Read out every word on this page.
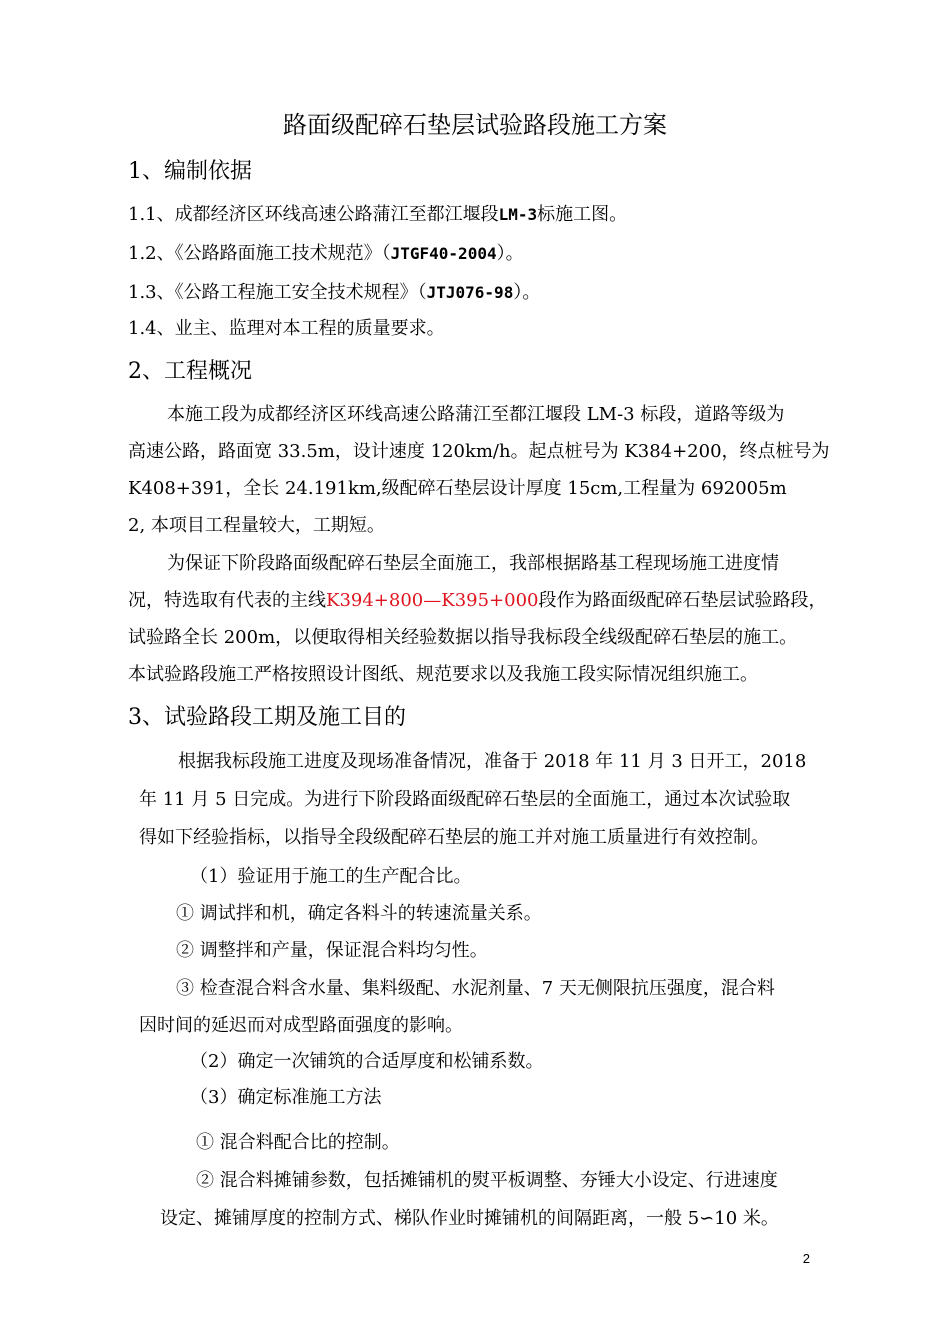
路面级配碎石垫层试验路段施工方案
1、编制依据
1.1、成都经济区环线高速公路蒲江至都江堰段LM-3标施工图。
1.2、《公路路面施工技术规范》（JTGF40-2004）。
1.3、《公路工程施工安全技术规程》（JTJ076-98）。
1.4、业主、监理对本工程的质量要求。
2、工程概况
本施工段为成都经济区环线高速公路蒲江至都江堰段 LM-3 标段，道路等级为
高速公路，路面宽 33.5m，设计速度 120km/h。起点桩号为 K384+200，终点桩号为
K408+391，全长 24.191km,级配碎石垫层设计厚度 15cm,工程量为 692005m
2, 本项目工程量较大，工期短。
为保证下阶段路面级配碎石垫层全面施工，我部根据路基工程现场施工进度情
况，特选取有代表的主线K394+800—K395+000段作为路面级配碎石垫层试验路段，
试验路全长 200m，以便取得相关经验数据以指导我标段全线级配碎石垫层的施工。
本试验路段施工严格按照设计图纸、规范要求以及我施工段实际情况组织施工。
3、试验路段工期及施工目的
根据我标段施工进度及现场准备情况，准备于 2018 年 11 月 3 日开工，2018
年 11 月 5 日完成。为进行下阶段路面级配碎石垫层的全面施工，通过本次试验取
得如下经验指标，以指导全段级配碎石垫层的施工并对施工质量进行有效控制。
（1）验证用于施工的生产配合比。
① 调试拌和机，确定各料斗的转速流量关系。
② 调整拌和产量，保证混合料均匀性。
③ 检查混合料含水量、集料级配、水泥剂量、7 天无侧限抗压强度，混合料
因时间的延迟而对成型路面强度的影响。
（2）确定一次铺筑的合适厚度和松铺系数。
（3）确定标准施工方法
① 混合料配合比的控制。
② 混合料摊铺参数，包括摊铺机的熨平板调整、夯锤大小设定、行进速度
设定、摊铺厚度的控制方式、梯队作业时摊铺机的间隔距离，一般 5∽10 米。
2
